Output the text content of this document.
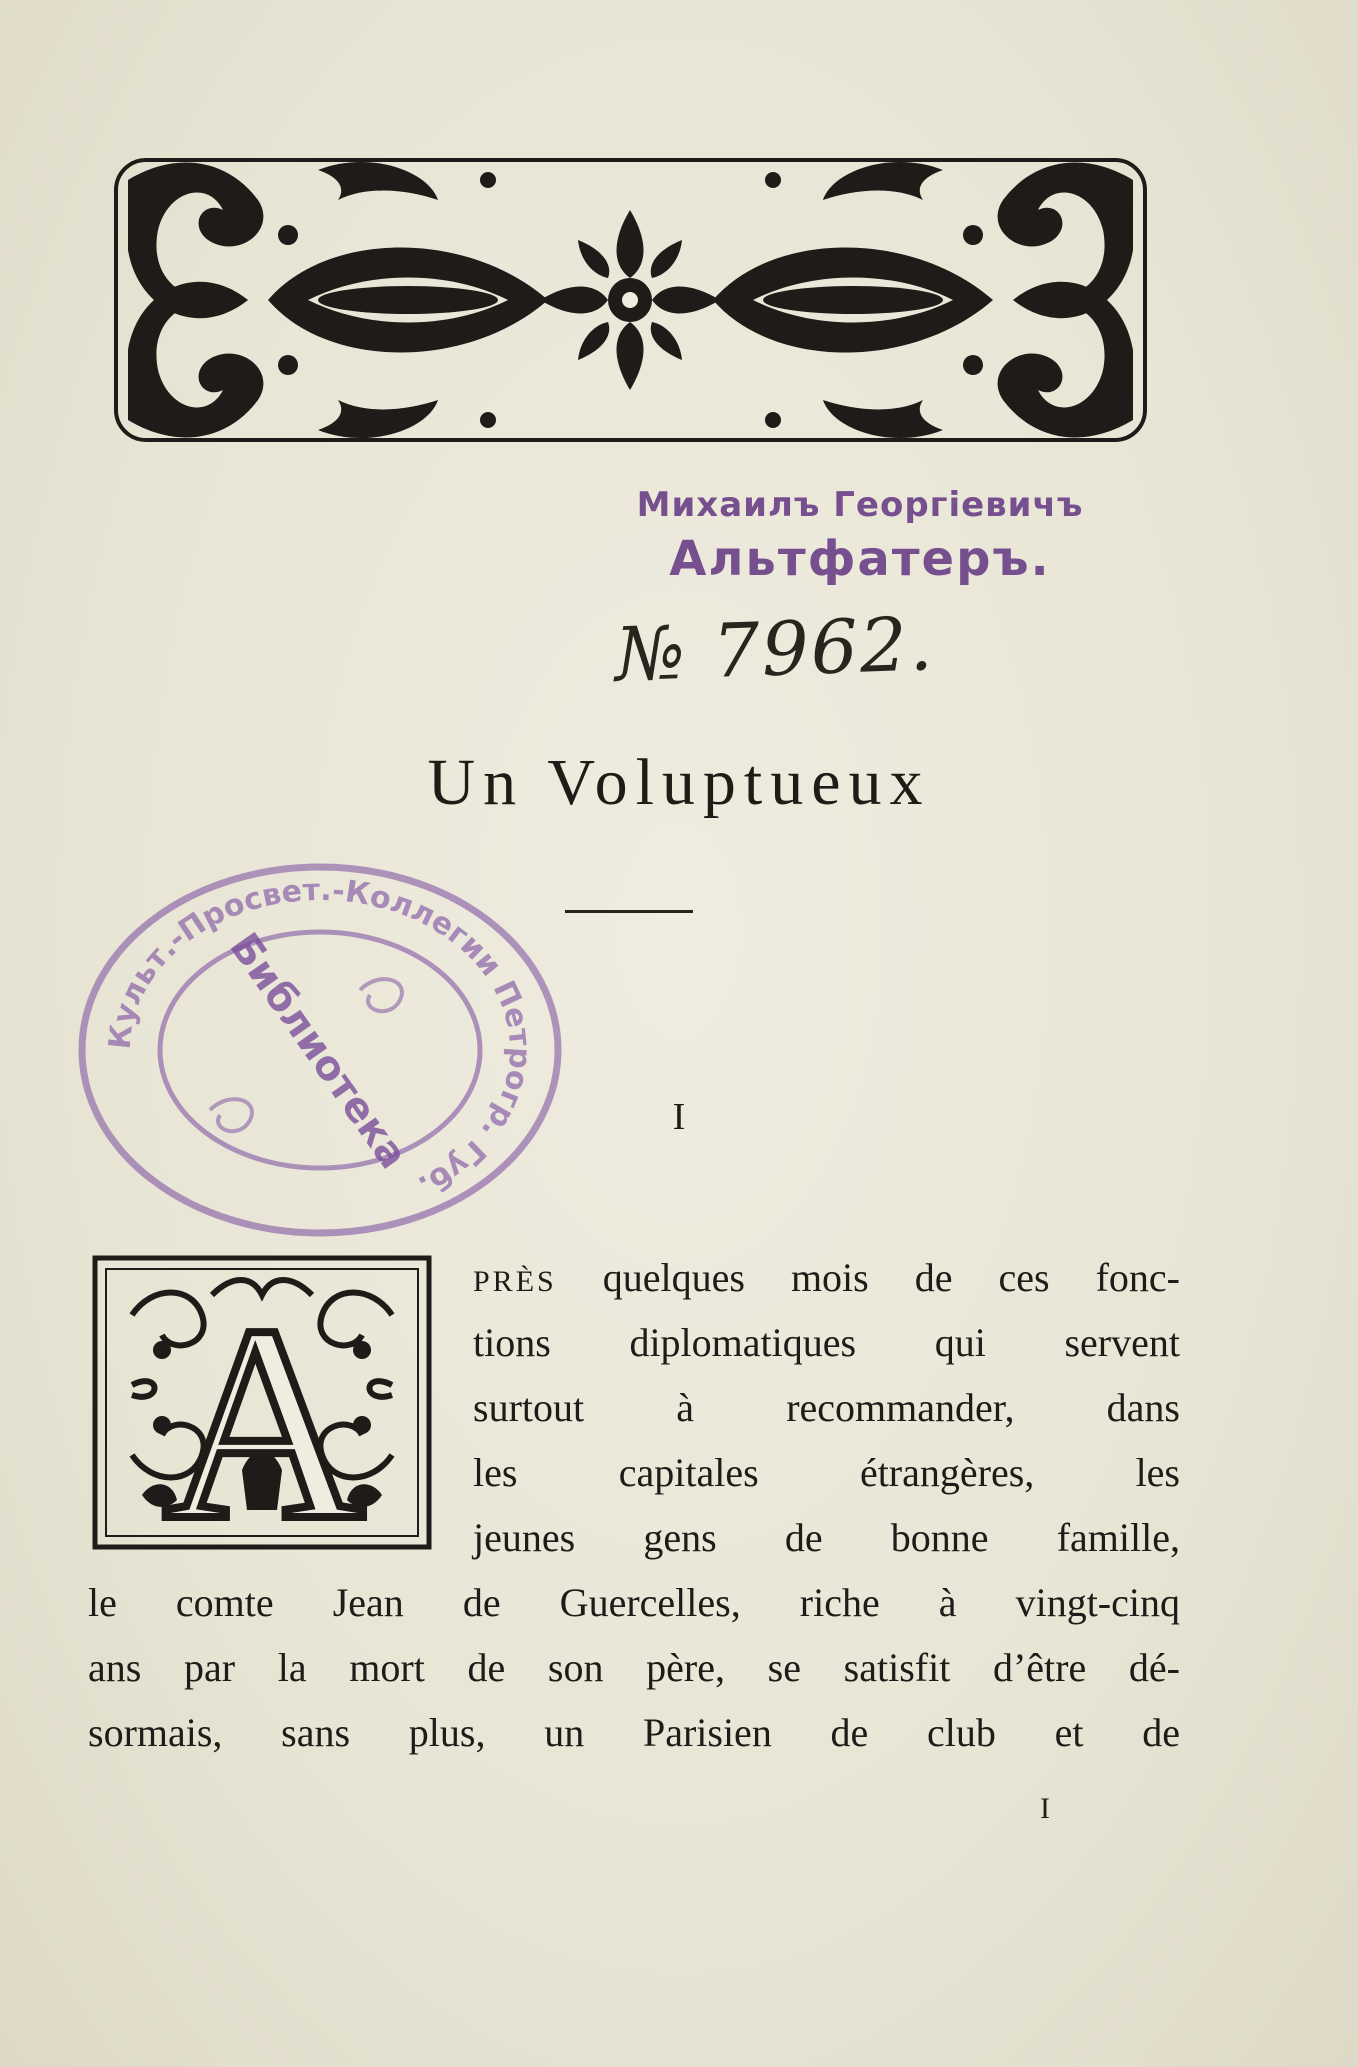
Михаилъ Георгiевичъ
Альтфатеръ.
№ 7962.
Un Voluptueux
Культ.-Просвет.-Коллегии Петрогр. Губ.
Библиотека	I
A	PRÈS quelques mois de ces fonc-
tions diplomatiques qui servent
surtout à recommander, dans
les capitales étrangères, les
jeunes gens de bonne famille,
le comte Jean de Guercelles, riche à vingt-cinq
ans par la mort de son père, se satisfit d’être dé-
sormais, sans plus, un Parisien de club et de
I
